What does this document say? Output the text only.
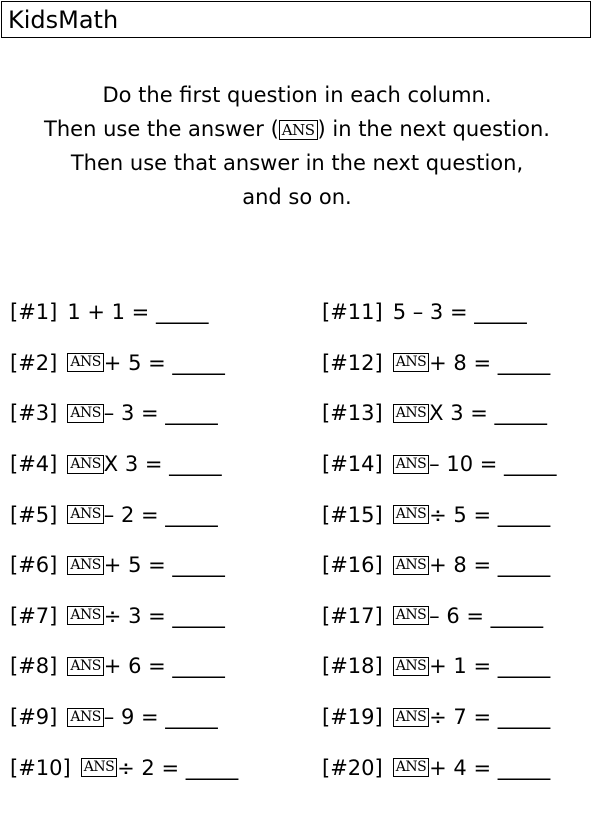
KidsMath
Do the first question in each column.
Then use the answer ( ANS ) in the next question.
Then use that answer in the next question,
and so on.
[#1] 1 + 1 = _____
[#2] ANS + 5 = _____
[#3] ANS – 3 = _____
[#4] ANS X 3 = _____
[#5] ANS – 2 = _____
[#6] ANS + 5 = _____
[#7] ANS ÷ 3 = _____
[#8] ANS + 6 = _____
[#9] ANS – 9 = _____
[#10] ANS ÷ 2 = _____
[#11] 5 – 3 = _____
[#12] ANS + 8 = _____
[#13] ANS X 3 = _____
[#14] ANS – 10 = _____
[#15] ANS ÷ 5 = _____
[#16] ANS + 8 = _____
[#17] ANS – 6 = _____
[#18] ANS + 1 = _____
[#19] ANS ÷ 7 = _____
[#20] ANS + 4 = _____
